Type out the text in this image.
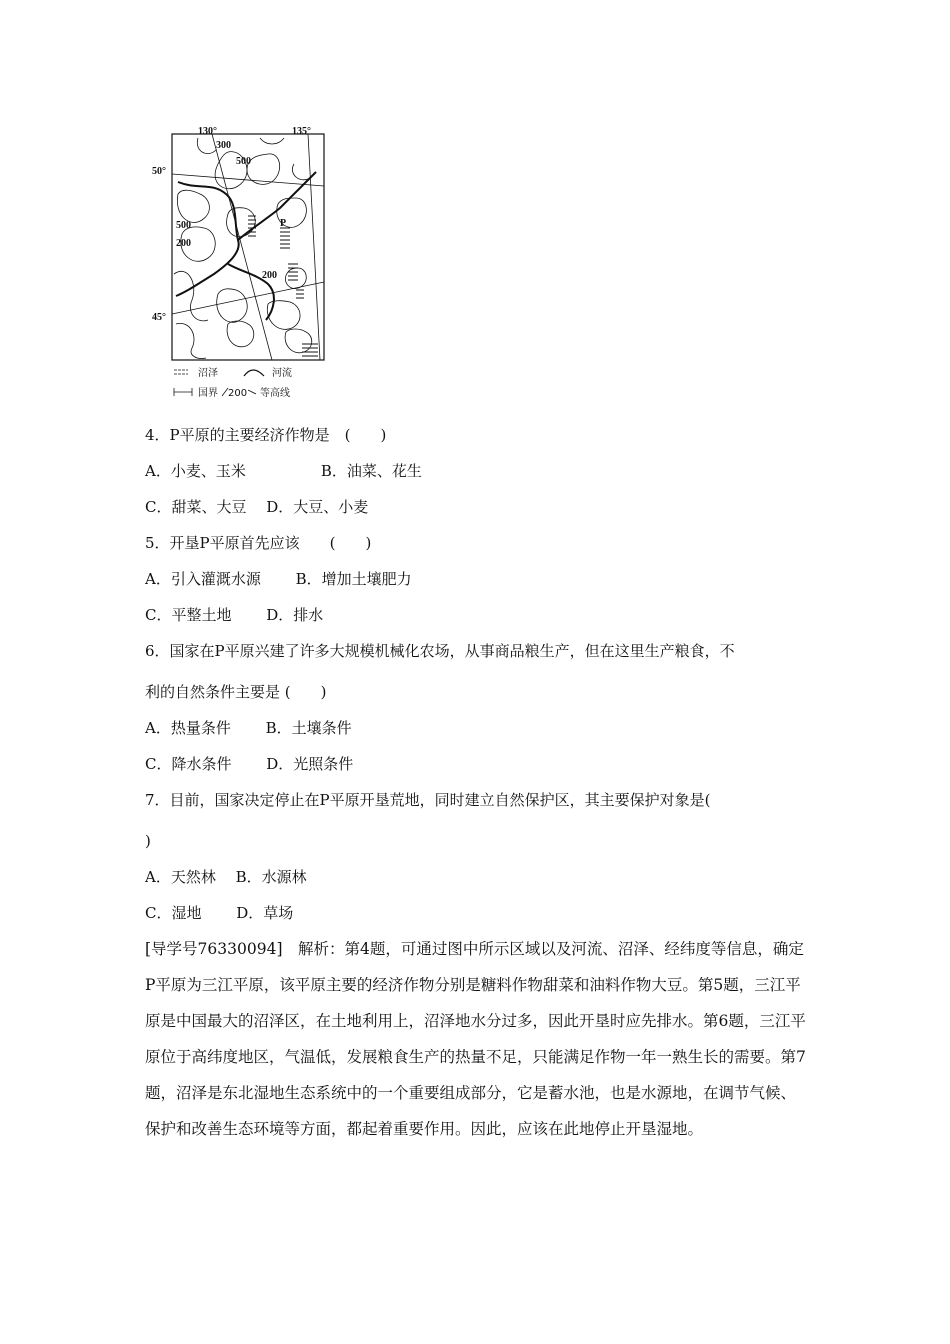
130°	135°
50°
45°
300
500
500
200
200
P
沼泽	河流
国界 200 等高线
4．P平原的主要经济作物是　(　　)
A．小麦、玉米　　　　　B．油菜、花生
C．甜菜、大豆　 D．大豆、小麦
5．开垦P平原首先应该　　(　　)
A．引入灌溉水源　　 B．增加土壤肥力
C．平整土地　　 D．排水
6．国家在P平原兴建了许多大规模机械化农场，从事商品粮生产，但在这里生产粮食，不
利的自然条件主要是 (　　)
A．热量条件　　 B．土壤条件
C．降水条件　　 D．光照条件
7．目前，国家决定停止在P平原开垦荒地，同时建立自然保护区，其主要保护对象是(
)
A．天然林　 B．水源林
C．湿地　　 D．草场
[导学号76330094]　解析：第4题，可通过图中所示区域以及河流、沼泽、经纬度等信息，确定P平原为三江平原，该平原主要的经济作物分别是糖料作物甜菜和油料作物大豆。第5题，三江平原是中国最大的沼泽区，在土地利用上，沼泽地水分过多，因此开垦时应先排水。第6题，三江平原位于高纬度地区，气温低，发展粮食生产的热量不足，只能满足作物一年一熟生长的需要。第7题，沼泽是东北湿地生态系统中的一个重要组成部分，它是蓄水池，也是水源地，在调节气候、保护和改善生态环境等方面，都起着重要作用。因此，应该在此地停止开垦湿地。
